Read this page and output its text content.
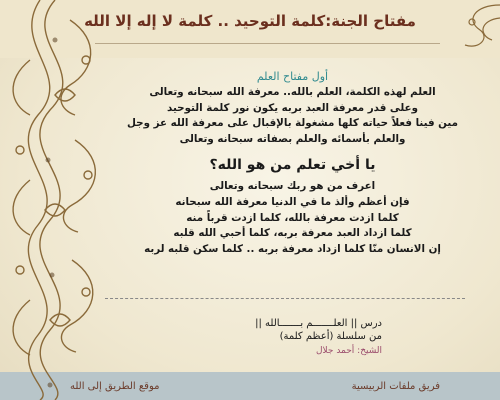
مفتاح الجنة:كلمة التوحيد .. كلمة لا إله إلا الله
أول مفتاح العلم
العلم لهذه الكلمة، العلم بالله.. معرفة الله سبحانه وتعالى
وعلى قدر معرفة العبد بربه يكون نور كلمة التوحيد
مين فينا فعلاً حياته كلها مشغولة بالإقبال على معرفة الله عز وجل
والعلم بأسمائه والعلم بصفاته سبحانه وتعالى
يا أخي تعلم من هو الله؟
اعرف من هو ربك سبحانه وتعالى
فإن أعظم وألذ ما في الدنيا معرفة الله سبحانه
كلما ازدت معرفة بالله، كلما ازدت قرباً منه
كلما ازداد العبد معرفة بربه، كلما أحبي الله قلبه
إن الانسان منّا كلما ازداد معرفة بربه .. كلما سكن قلبه لربه
درس || العلـــــــم بـــــــالله ||
من سلسلة (أعظم كلمة)
الشيخ: أحمد جلال
فريق ملفات الربيسية
موقع الطريق إلى الله
